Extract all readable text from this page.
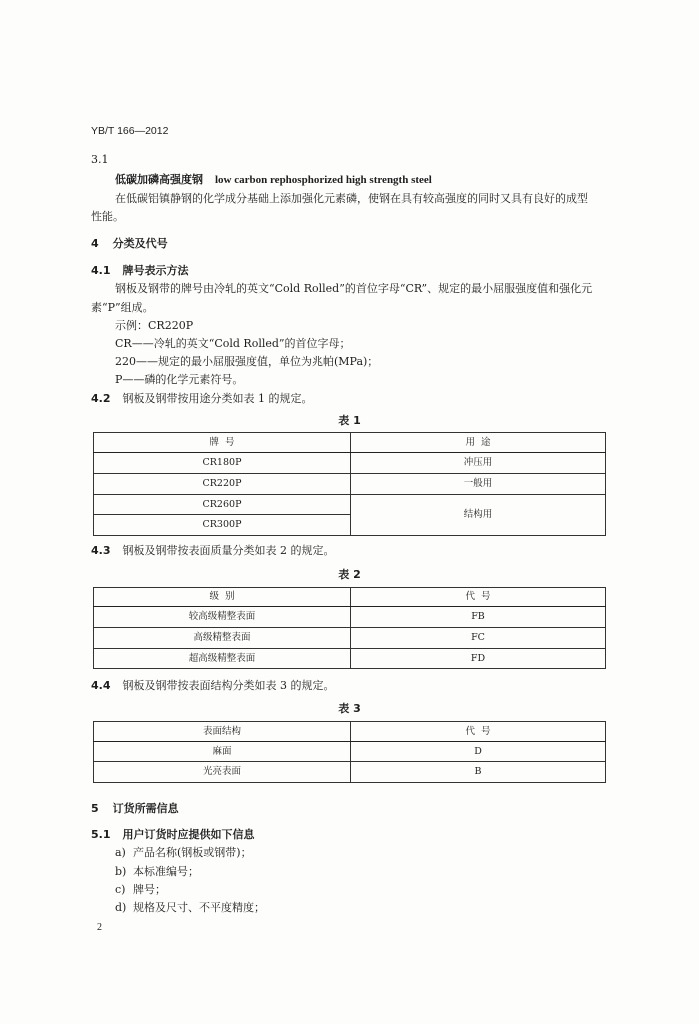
YB/T 166—2012
3.1
低碳加磷高强度钢 low carbon rephosphorized high strength steel
在低碳铝镇静钢的化学成分基础上添加强化元素磷，使钢在具有较高强度的同时又具有良好的成型
性能。
4 分类及代号
4.1 牌号表示方法
钢板及钢带的牌号由冷轧的英文“Cold Rolled”的首位字母“CR”、规定的最小屈服强度值和强化元
素“P”组成。
示例：CR220P
CR——冷轧的英文“Cold Rolled”的首位字母；
220——规定的最小屈服强度值，单位为兆帕(MPa)；
P——磷的化学元素符号。
4.2 钢板及钢带按用途分类如表 1 的规定。
表 1
牌  号	用  途
CR180P	冲压用
CR220P	一般用
CR260P	结构用
CR300P	
4.3 钢板及钢带按表面质量分类如表 2 的规定。
表 2
级  别	代  号
较高级精整表面	FB
高级精整表面	FC
超高级精整表面	FD
4.4 钢板及钢带按表面结构分类如表 3 的规定。
表 3
表面结构	代  号
麻面	D
光亮表面	B
5 订货所需信息
5.1 用户订货时应提供如下信息
a) 产品名称(钢板或钢带)；
b) 本标准编号；
c) 牌号；
d) 规格及尺寸、不平度精度；
2
